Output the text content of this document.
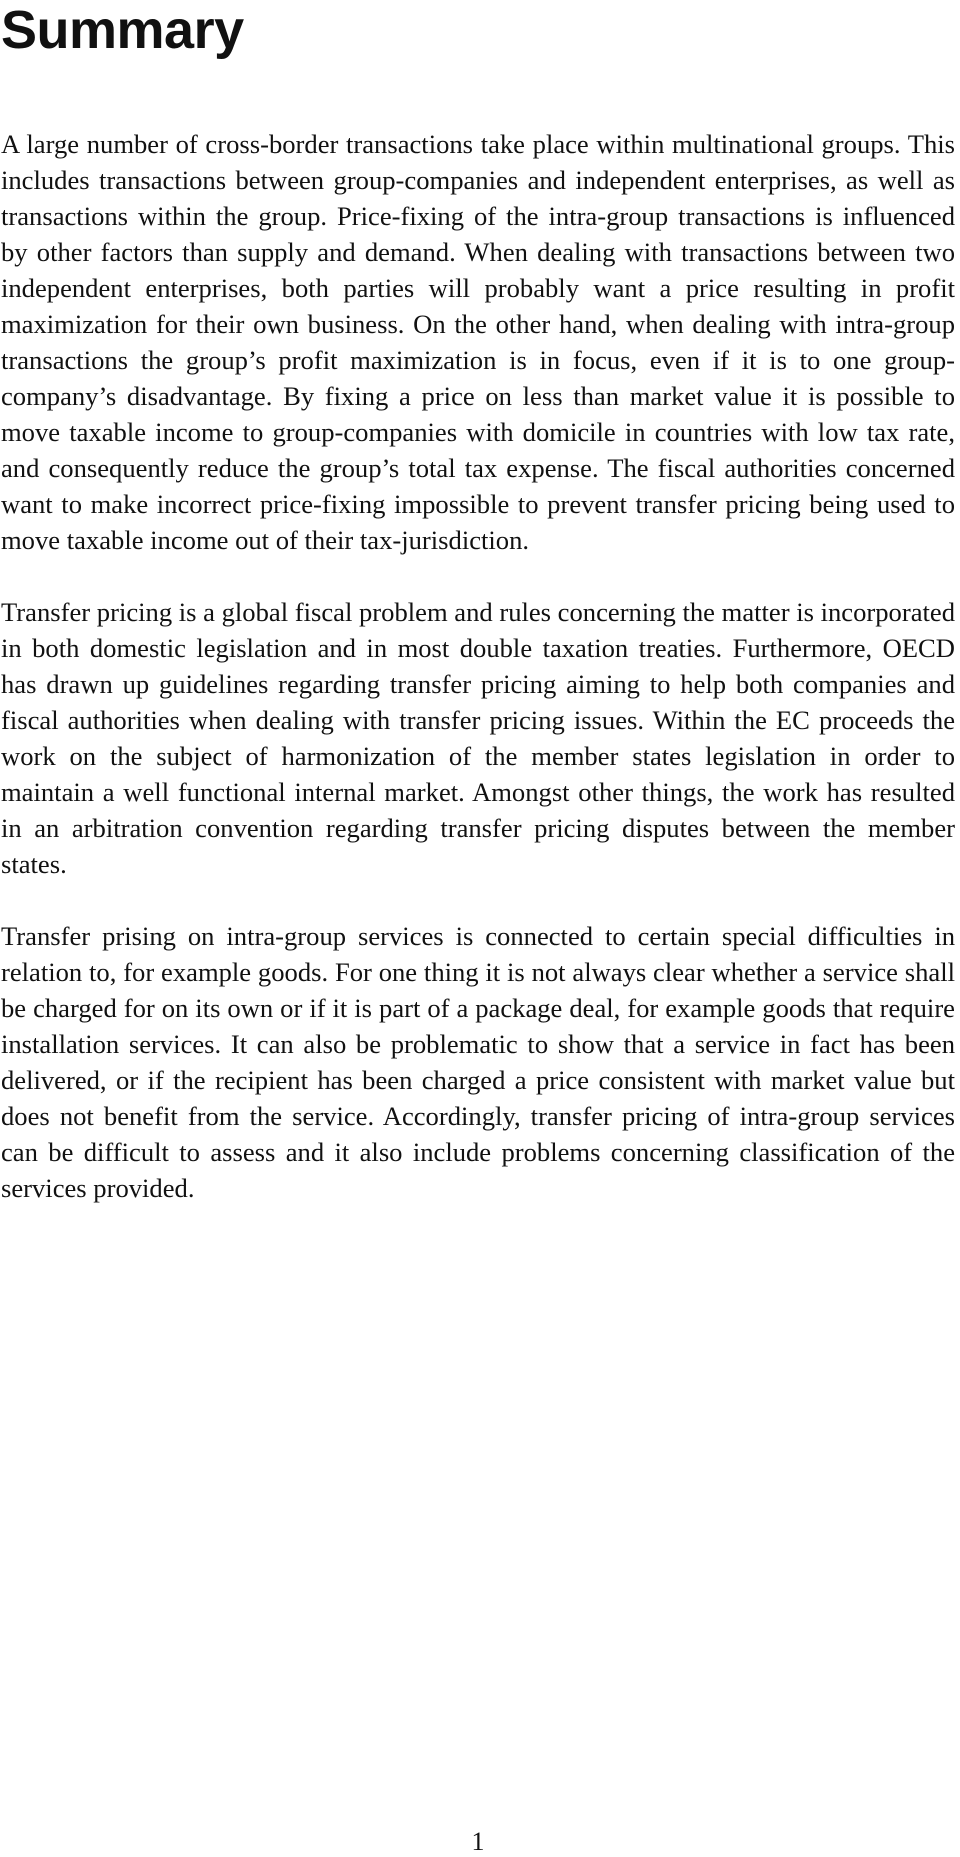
Summary

A large number of cross-border transactions take place within multinational groups. This includes transactions between group-companies and independent enterprises, as well as transactions within the group. Price-fixing of the intra-group transactions is influenced by other factors than supply and demand. When dealing with transactions between two independent enterprises, both parties will probably want a price resulting in profit maximization for their own business. On the other hand, when dealing with intra-group transactions the group’s profit maximization is in focus, even if it is to one group-company’s disadvantage. By fixing a price on less than market value it is possible to move taxable income to group-companies with domicile in countries with low tax rate, and consequently reduce the group’s total tax expense. The fiscal authorities concerned want to make incorrect price-fixing impossible to prevent transfer pricing being used to move taxable income out of their tax-jurisdiction.

Transfer pricing is a global fiscal problem and rules concerning the matter is incorporated in both domestic legislation and in most double taxation treaties. Furthermore, OECD has drawn up guidelines regarding transfer pricing aiming to help both companies and fiscal authorities when dealing with transfer pricing issues. Within the EC proceeds the work on the subject of harmonization of the member states legislation in order to maintain a well functional internal market. Amongst other things, the work has resulted in an arbitration convention regarding transfer pricing disputes between the member states.

Transfer prising on intra-group services is connected to certain special difficulties in relation to, for example goods. For one thing it is not always clear whether a service shall be charged for on its own or if it is part of a package deal, for example goods that require installation services. It can also be problematic to show that a service in fact has been delivered, or if the recipient has been charged a price consistent with market value but does not benefit from the service. Accordingly, transfer pricing of intra-group services can be difficult to assess and it also include problems concerning classification of the services provided.

1
